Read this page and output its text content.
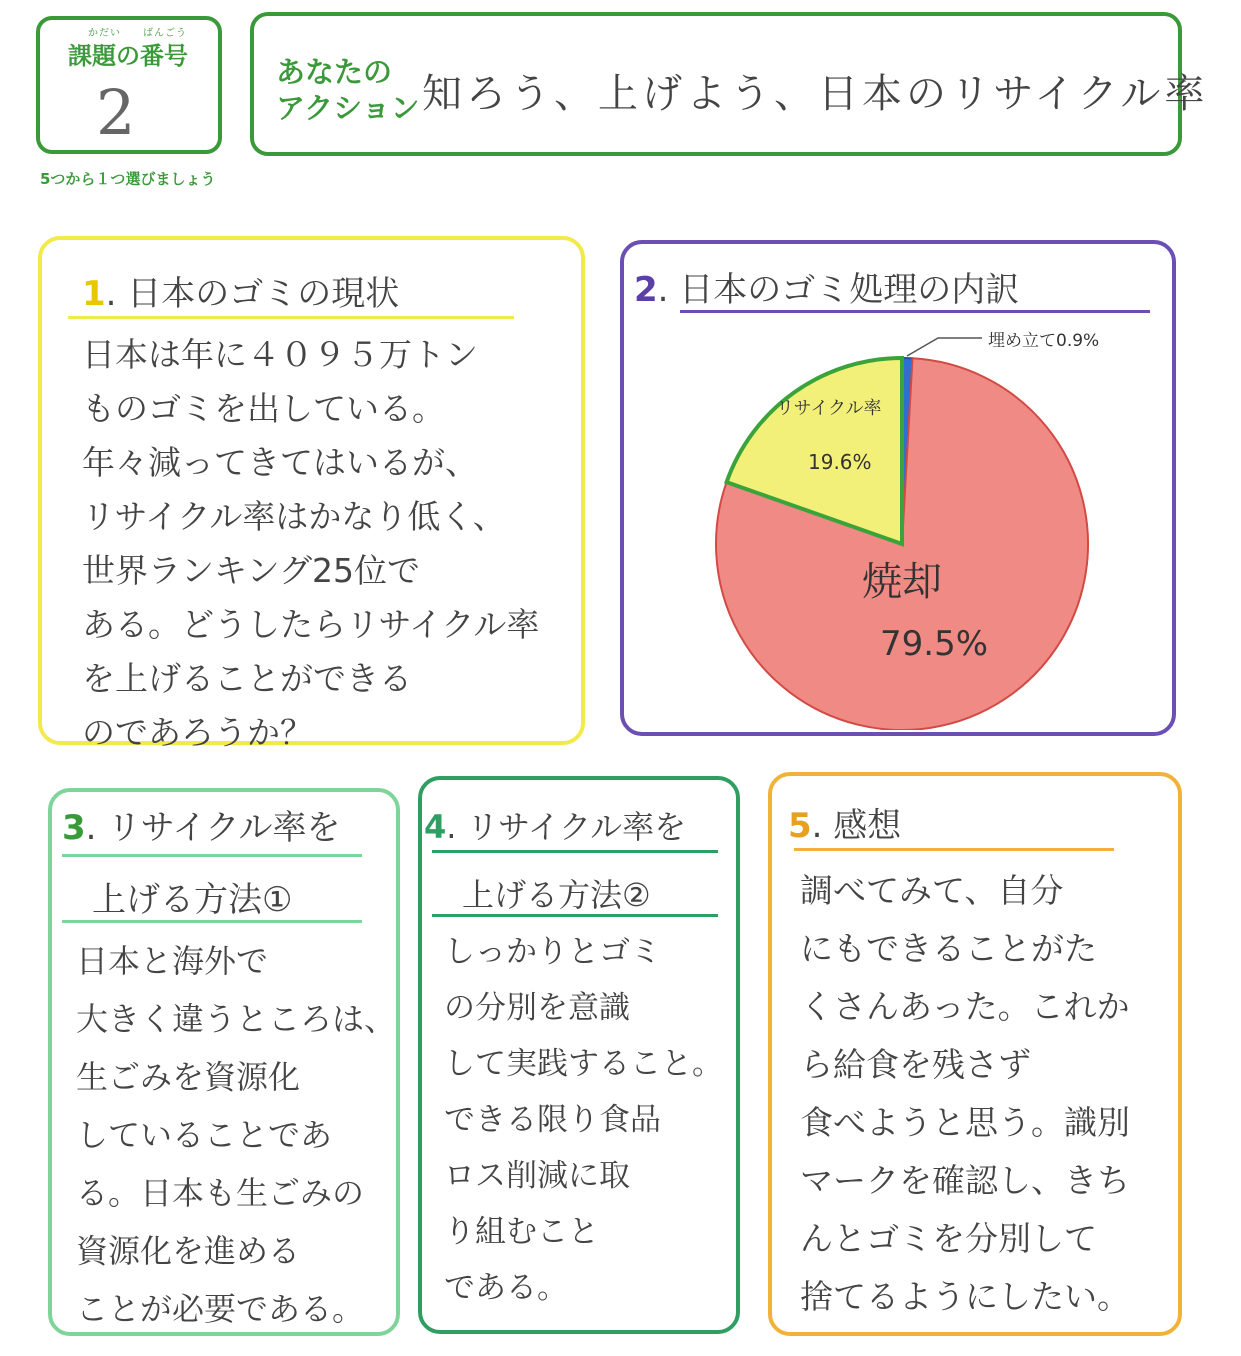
かだい　　ばんごう
課題の番号
2
5つから１つ選びましょう
あなたの
アクション 知ろう、上げよう、日本のリサイクル率
1. 日本のゴミの現状
日本は年に４０９５万トン
ものゴミを出している。
年々減ってきてはいるが、
リサイクル率はかなり低く、
世界ランキング25位で
ある。どうしたらリサイクル率
を上げることができる
のであろうか？
2. 日本のゴミ処理の内訳
焼却
79.5%
リサイクル率
19.6%
埋め立て0.9%
3. リサイクル率を
上げる方法①
日本と海外で
大きく違うところは、
生ごみを資源化
していることであ
る。日本も生ごみの
資源化を進める
ことが必要である。
4. リサイクル率を
上げる方法②
しっかりとゴミ
の分別を意識
して実践すること。
できる限り食品
ロス削減に取
り組むこと
である。
5. 感想
調べてみて、自分
にもできることがた
くさんあった。これか
ら給食を残さず
食べようと思う。識別
マークを確認し、きち
んとゴミを分別して
捨てるようにしたい。
